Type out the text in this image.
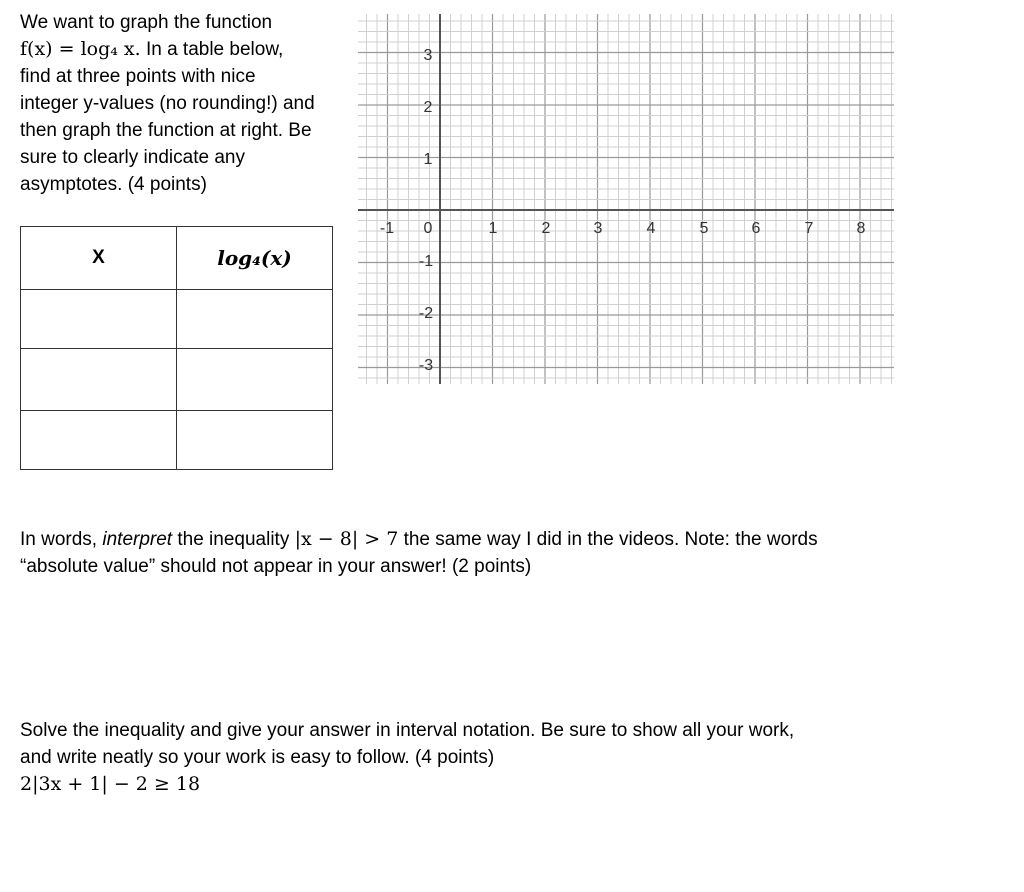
We want to graph the function
f(x) = log₄ x. In a table below,
find at three points with nice
integer y-values (no rounding!) and
then graph the function at right. Be
sure to clearly indicate any
asymptotes. (4 points)
X	log₄(x)

-1 0	1	2	3	4	5	6	7	8
3
2
1
-1
-2
-3
In words, interpret the inequality |x − 8| > 7 the same way I did in the videos. Note: the words
“absolute value” should not appear in your answer! (2 points)
Solve the inequality and give your answer in interval notation. Be sure to show all your work,
and write neatly so your work is easy to follow. (4 points)
2|3x + 1| − 2 ≥ 18
